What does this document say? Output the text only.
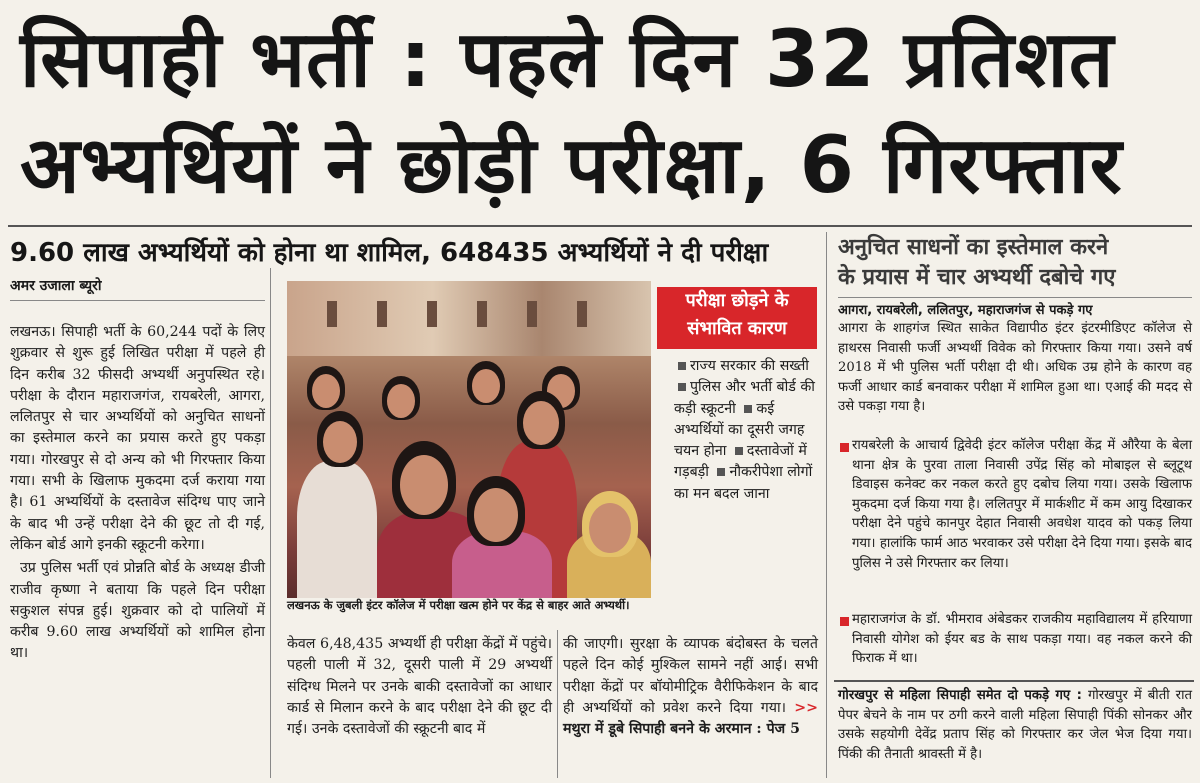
सिपाही भर्ती : पहले दिन 32 प्रतिशत
अभ्यर्थियों ने छोड़ी परीक्षा, 6 गिरफ्तार
9.60 लाख अभ्यर्थियों को होना था शामिल, 648435 अभ्यर्थियों ने दी परीक्षा
अमर उजाला ब्यूरो

लखनऊ। सिपाही भर्ती के 60,244 पदों के लिए शुक्रवार से शुरू हुई लिखित परीक्षा में पहले ही दिन करीब 32 फीसदी अभ्यर्थी अनुपस्थित रहे। परीक्षा के दौरान महाराजगंज, रायबरेली, आगरा, ललितपुर से चार अभ्यर्थियों को अनुचित साधनों का इस्तेमाल करने का प्रयास करते हुए पकड़ा गया। गोरखपुर से दो अन्य को भी गिरफ्तार किया गया। सभी के खिलाफ मुकदमा दर्ज कराया गया है। 61 अभ्यर्थियों के दस्तावेज संदिग्ध पाए जाने के बाद भी उन्हें परीक्षा देने की छूट तो दी गई, लेकिन बोर्ड आगे इनकी स्क्रूटनी करेगा।

उप्र पुलिस भर्ती एवं प्रोन्नति बोर्ड के अध्यक्ष डीजी राजीव कृष्णा ने बताया कि पहले दिन परीक्षा सकुशल संपन्न हुई। शुक्रवार को दो पालियों में करीब 9.60 लाख अभ्यर्थियों को शामिल होना था।

लखनऊ के जुबली इंटर कॉलेज में परीक्षा खत्म होने पर केंद्र से बाहर आते अभ्यर्थी।
परीक्षा छोड़ने के
संभावित कारण
राज्य सरकार की सख्ती पुलिस और भर्ती बोर्ड की कड़ी स्क्रूटनी कई अभ्यर्थियों का दूसरी जगह चयन होना दस्तावेजों में गड़बड़ी नौकरीपेशा लोगों का मन बदल जाना
केवल 6,48,435 अभ्यर्थी ही परीक्षा केंद्रों में पहुंचे। पहली पाली में 32, दूसरी पाली में 29 अभ्यर्थी संदिग्ध मिलने पर उनके बाकी दस्तावेजों का आधार कार्ड से मिलान करने के बाद परीक्षा देने की छूट दी गई। उनके दस्तावेजों की स्क्रूटनी बाद में
की जाएगी। सुरक्षा के व्यापक बंदोबस्त के चलते पहले दिन कोई मुश्किल सामने नहीं आई। सभी परीक्षा केंद्रों पर बॉयोमीट्रिक वैरीफिकेशन के बाद ही अभ्यर्थियों को प्रवेश करने दिया गया। >> मथुरा में डूबे सिपाही बनने के अरमान : पेज 5
अनुचित साधनों का इस्तेमाल करने
के प्रयास में चार अभ्यर्थी दबोचे गए
आगरा, रायबरेली, ललितपुर, महाराजगंज से पकड़े गए
आगरा के शाहगंज स्थित साकेत विद्यापीठ इंटर इंटरमीडिएट कॉलेज से हाथरस निवासी फर्जी अभ्यर्थी विवेक को गिरफ्तार किया गया। उसने वर्ष 2018 में भी पुलिस भर्ती परीक्षा दी थी। अधिक उम्र होने के कारण वह फर्जी आधार कार्ड बनवाकर परीक्षा में शामिल हुआ था। एआई की मदद से उसे पकड़ा गया है।
रायबरेली के आचार्य द्विवेदी इंटर कॉलेज परीक्षा केंद्र में औरैया के बेला थाना क्षेत्र के पुरवा ताला निवासी उपेंद्र सिंह को मोबाइल से ब्लूटूथ डिवाइस कनेक्ट कर नकल करते हुए दबोच लिया गया। उसके खिलाफ मुकदमा दर्ज किया गया है। ललितपुर में मार्कशीट में कम आयु दिखाकर परीक्षा देने पहुंचे कानपुर देहात निवासी अवधेश यादव को पकड़ लिया गया। हालांकि फार्म आठ भरवाकर उसे परीक्षा देने दिया गया। इसके बाद पुलिस ने उसे गिरफ्तार कर लिया।
महाराजगंज के डॉ. भीमराव अंबेडकर राजकीय महाविद्यालय में हरियाणा निवासी योगेश को ईयर बड के साथ पकड़ा गया। वह नकल करने की फिराक में था।
गोरखपुर से महिला सिपाही समेत दो पकड़े गए : गोरखपुर में बीती रात पेपर बेचने के नाम पर ठगी करने वाली महिला सिपाही पिंकी सोनकर और उसके सहयोगी देवेंद्र प्रताप सिंह को गिरफ्तार कर जेल भेज दिया गया। पिंकी की तैनाती श्रावस्ती में है।
